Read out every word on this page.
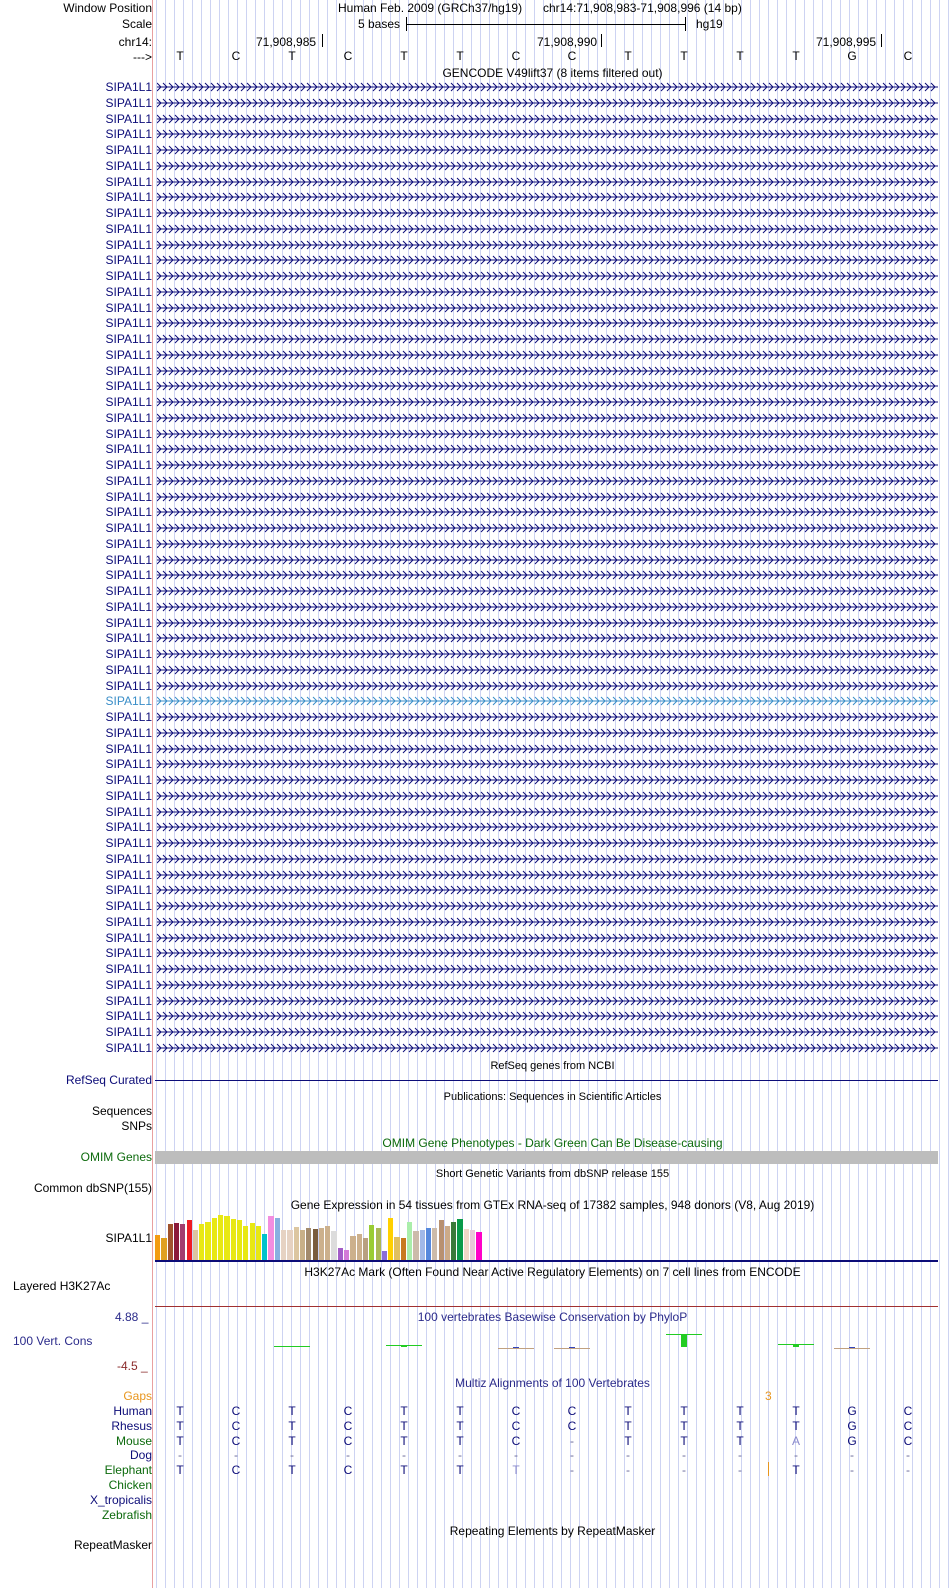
Window Position
Scale
chr14:
--->
Human Feb. 2009 (GRCh37/hg19) chr14:71,908,983-71,908,996 (14 bp)
5 bases	hg19
71,908,985	71,908,990	71,908,995
T	C	T	C	T	T	C	C	T	T	T	T	G	C
GENCODE V49lift37 (8 items filtered out)
SIPA1L1
SIPA1L1
SIPA1L1
SIPA1L1
SIPA1L1
SIPA1L1
SIPA1L1
SIPA1L1
SIPA1L1
SIPA1L1
SIPA1L1
SIPA1L1
SIPA1L1
SIPA1L1
SIPA1L1
SIPA1L1
SIPA1L1
SIPA1L1
SIPA1L1
SIPA1L1
SIPA1L1
SIPA1L1
SIPA1L1
SIPA1L1
SIPA1L1
SIPA1L1
SIPA1L1
SIPA1L1
SIPA1L1
SIPA1L1
SIPA1L1
SIPA1L1
SIPA1L1
SIPA1L1
SIPA1L1
SIPA1L1
SIPA1L1
SIPA1L1
SIPA1L1
SIPA1L1
SIPA1L1
SIPA1L1
SIPA1L1
SIPA1L1
SIPA1L1
SIPA1L1
SIPA1L1
SIPA1L1
SIPA1L1
SIPA1L1
SIPA1L1
SIPA1L1
SIPA1L1
SIPA1L1
SIPA1L1
SIPA1L1
SIPA1L1
SIPA1L1
SIPA1L1
SIPA1L1
SIPA1L1
SIPA1L1
RefSeq genes from NCBI
RefSeq Curated
Publications: Sequences in Scientific Articles
Sequences
SNPs
OMIM Gene Phenotypes - Dark Green Can Be Disease-causing
OMIM Genes
Short Genetic Variants from dbSNP release 155
Common dbSNP(155)
Gene Expression in 54 tissues from GTEx RNA-seq of 17382 samples, 948 donors (V8, Aug 2019)
SIPA1L1
H3K27Ac Mark (Often Found Near Active Regulatory Elements) on 7 cell lines from ENCODE
Layered H3K27Ac
100 vertebrates Basewise Conservation by PhyloP
4.88 _
100 Vert. Cons
-4.5 _
Multiz Alignments of 100 Vertebrates
Gaps	3
Human	T	C	T	C	T	T	C	C	T	T	T	T	G	C
Rhesus	T	C	T	C	T	T	C	C	T	T	T	T	G	C
Mouse	T	C	T	C	T	T	C	-	T	T	T	A	G	C
Dog	-	-	-	-	-	-	-	-	-	-	-	-	-	-
Elephant	T	C	T	C	T	T	T	-	-	-	-	T	-	-
Chicken
X_tropicalis
Zebrafish
Repeating Elements by RepeatMasker
RepeatMasker
